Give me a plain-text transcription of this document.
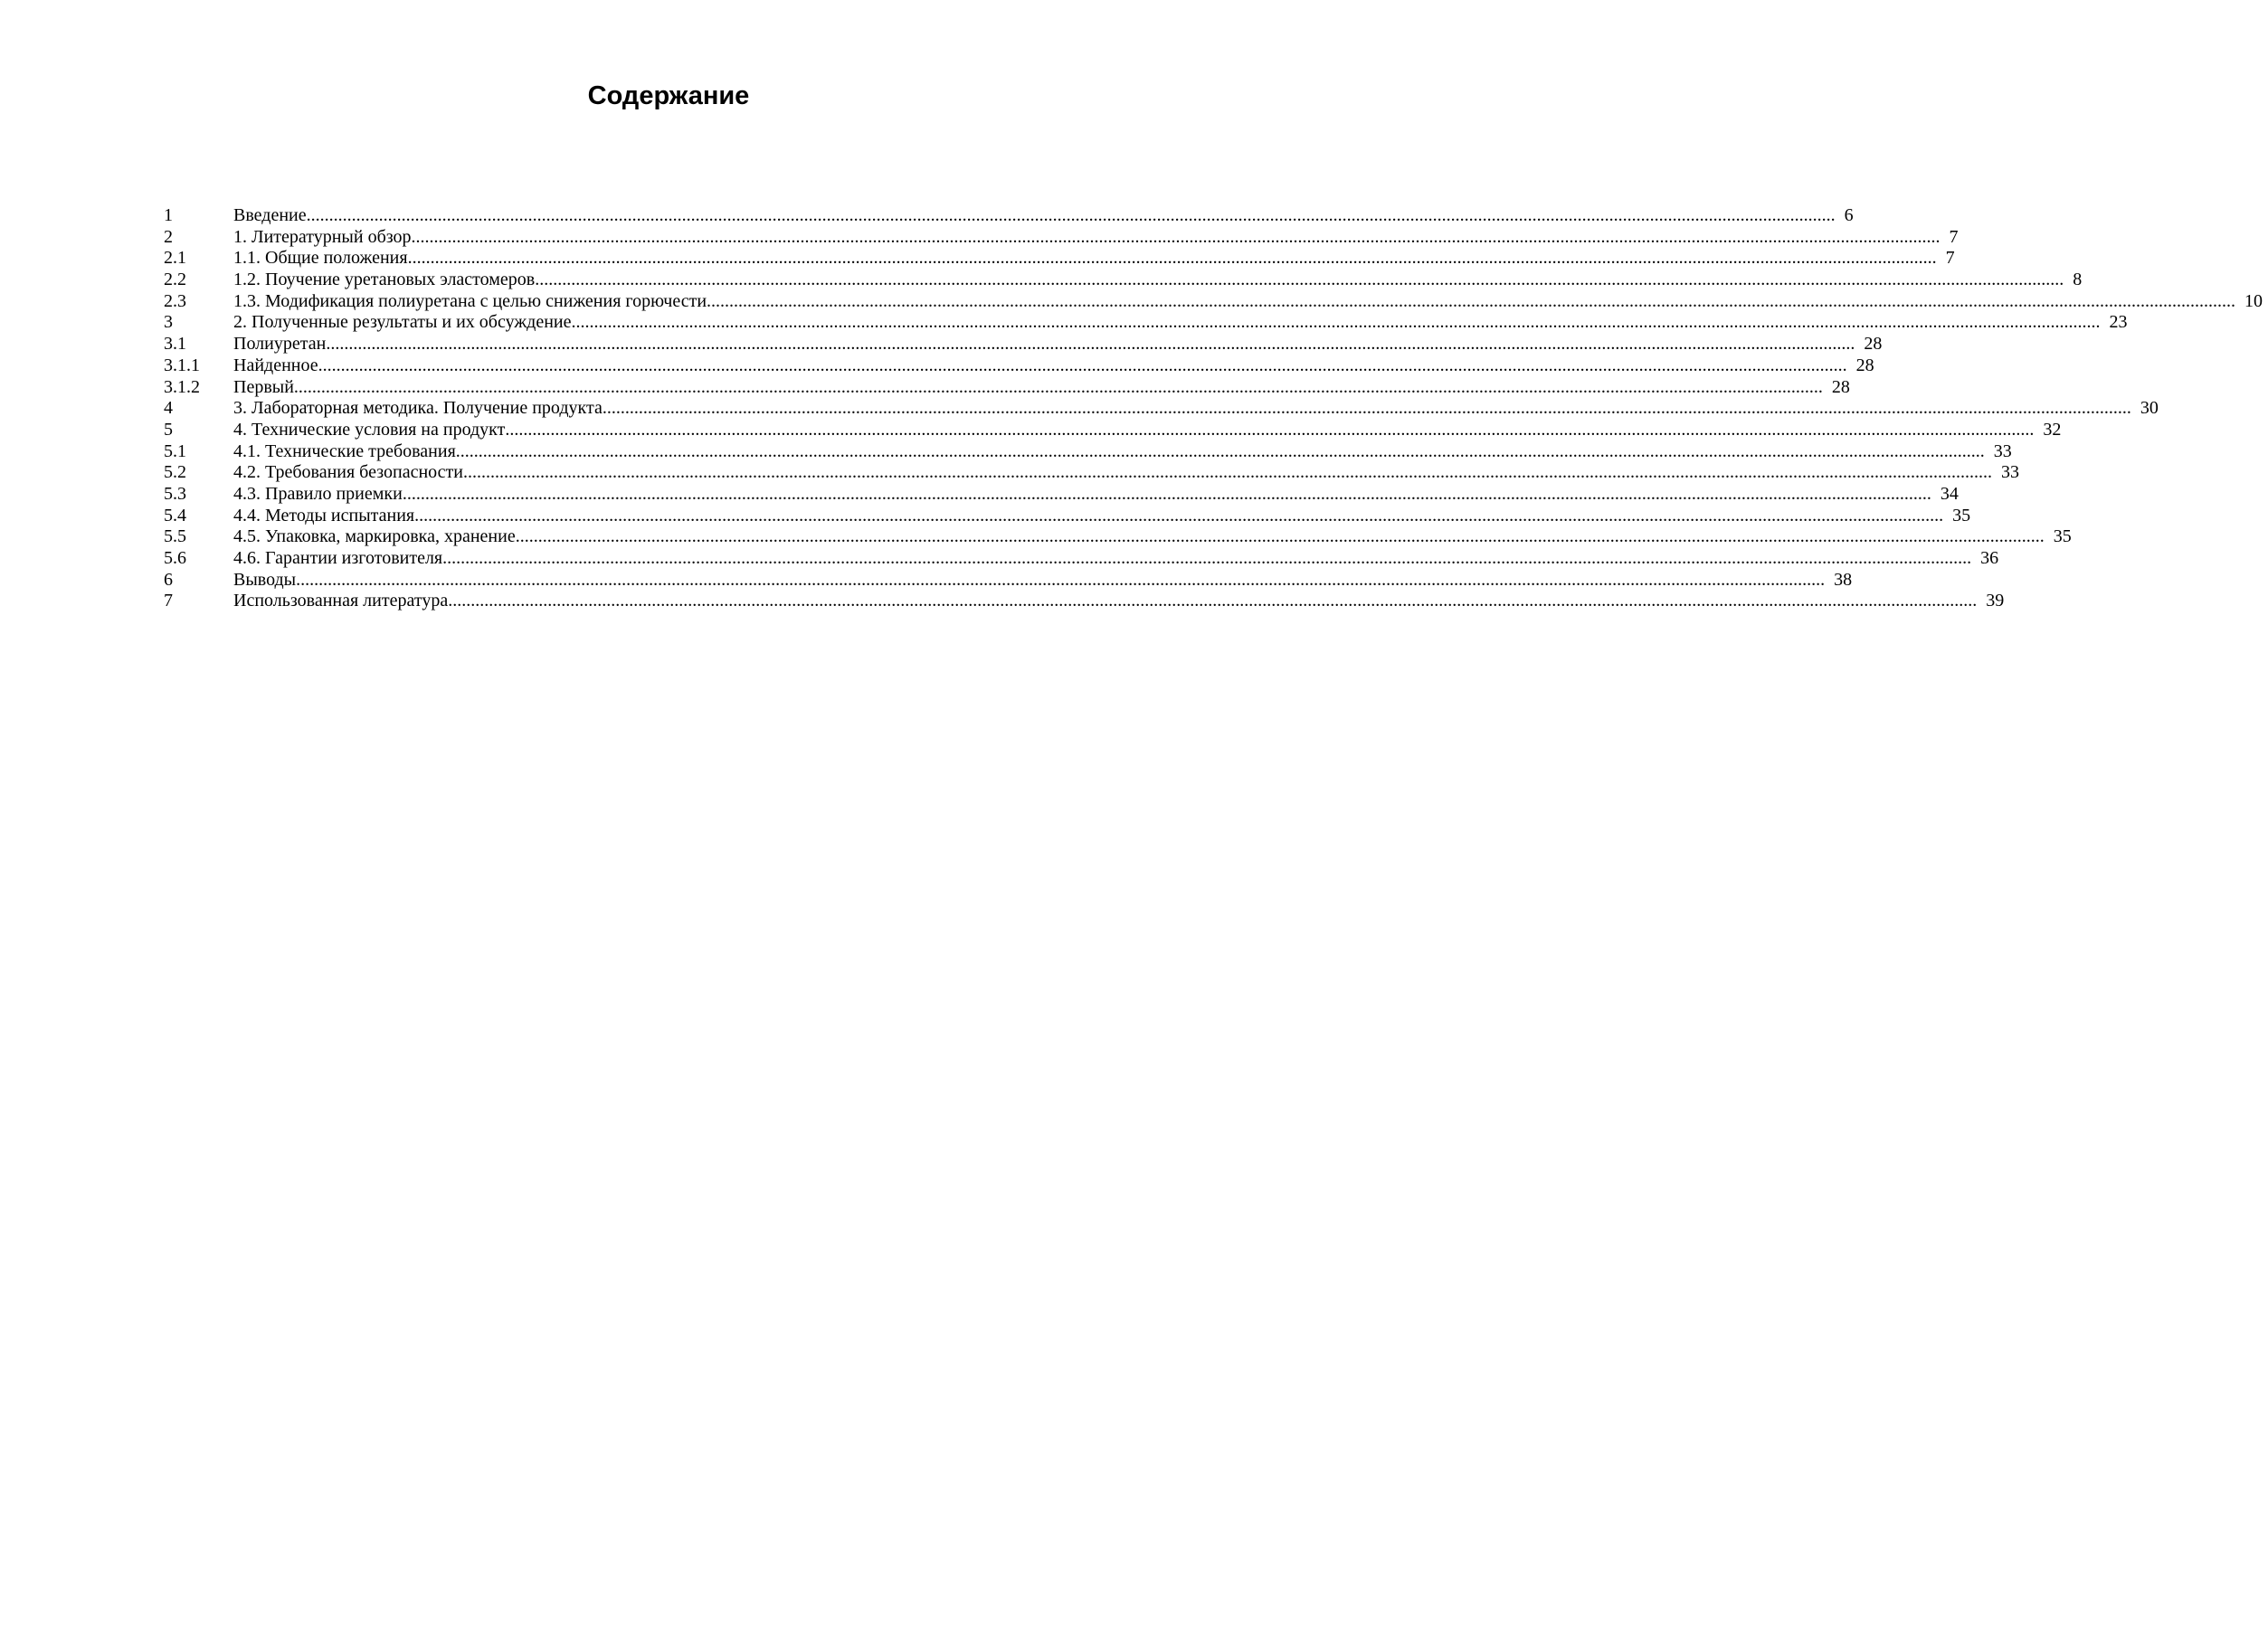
Содержание
1	Введение .....	6
2	1. Литературный обзор .....	7
2.1	1.1. Общие положения .....	7
2.2	1.2. Поучение уретановых эластомеров .....	8
2.3	1.3. Модификация полиуретана с целью снижения горючести .....	10
3	2. Полученные результаты и их обсуждение .....	23
3.1	Полиуретан .....	28
3.1.1	Найденное .....	28
3.1.2	Первый .....	28
4	3. Лабораторная методика. Получение продукта .....	30
5	4. Технические условия на продукт .....	32
5.1	4.1. Технические требования .....	33
5.2	4.2. Требования безопасности .....	33
5.3	4.3. Правило приемки .....	34
5.4	4.4. Методы испытания .....	35
5.5	4.5. Упаковка, маркировка, хранение .....	35
5.6	4.6. Гарантии изготовителя .....	36
6	Выводы .....	38
7	Использованная литература .....	39
